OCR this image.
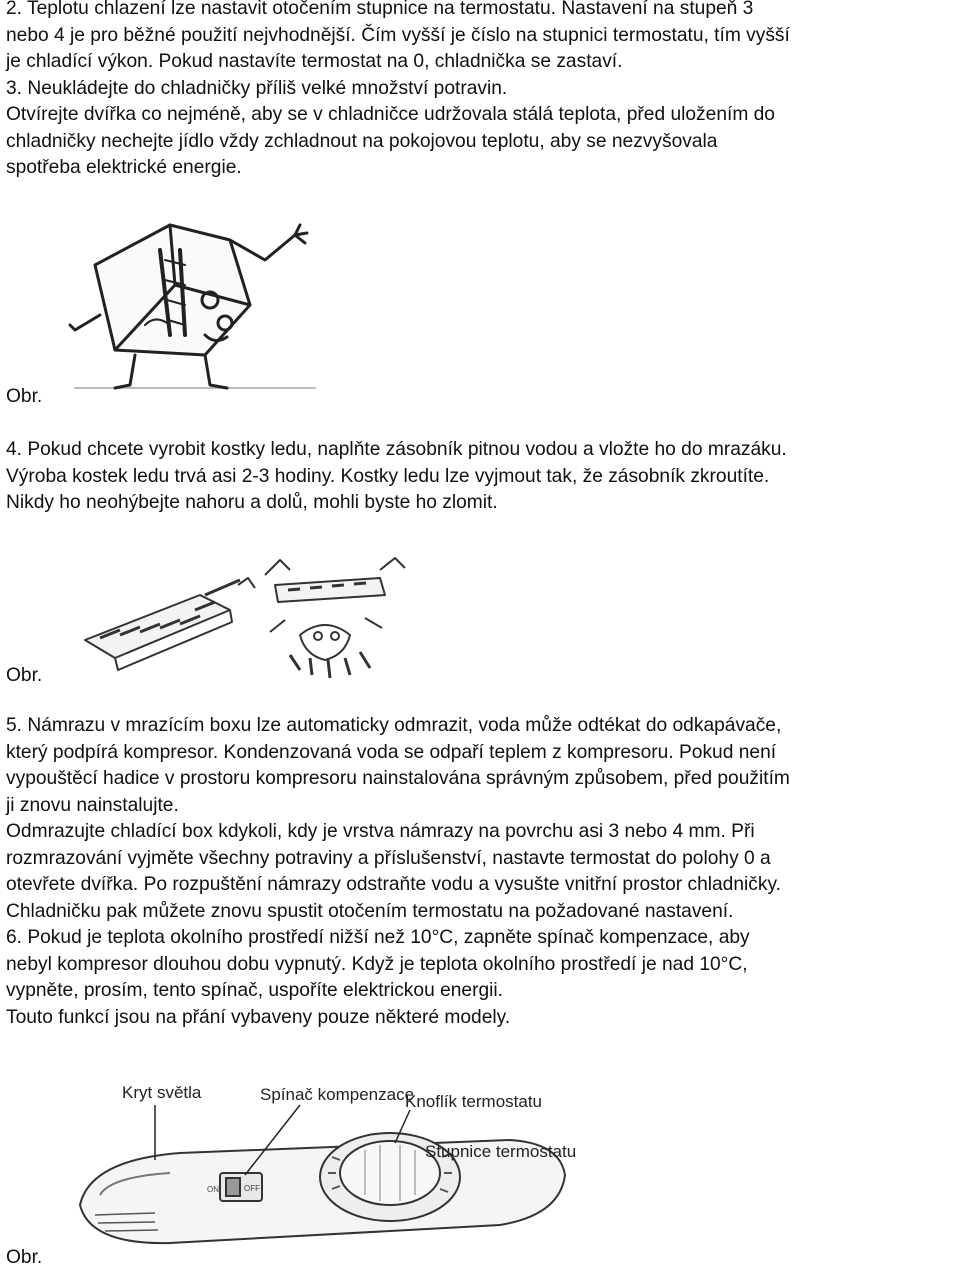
2. Teplotu chlazení lze nastavit otočením stupnice na termostatu. Nastavení na stupeň 3
nebo 4 je pro běžné použití nejvhodnější. Čím vyšší je číslo na stupnici termostatu, tím vyšší
je chladící výkon. Pokud nastavíte termostat na 0, chladnička se zastaví.
3. Neukládejte do chladničky příliš velké množství potravin.
Otvírejte dvířka co nejméně, aby se v chladničce udržovala stálá teplota, před uložením do
chladničky nechejte jídlo vždy zchladnout na pokojovou teplotu, aby se nezvyšovala
spotřeba elektrické energie.
Obr.
4. Pokud chcete vyrobit kostky ledu, naplňte zásobník pitnou vodou a vložte ho do mrazáku.
Výroba kostek ledu trvá asi 2-3 hodiny. Kostky ledu lze vyjmout tak, že zásobník zkroutíte.
Nikdy ho neohýbejte nahoru a dolů, mohli byste ho zlomit.
Obr.
5. Námrazu v mrazícím boxu lze automaticky odmrazit, voda může odtékat do odkapávače,
který podpírá kompresor. Kondenzovaná voda se odpaří teplem z kompresoru. Pokud není
vypouštěcí hadice v prostoru kompresoru nainstalována správným způsobem, před použitím
ji znovu nainstalujte.
Odmrazujte chladící box kdykoli, kdy je vrstva námrazy na povrchu asi 3 nebo 4 mm. Při
rozmrazování vyjměte všechny potraviny a příslušenství, nastavte termostat do polohy 0 a
otevřete dvířka. Po rozpuštění námrazy odstraňte vodu a vysušte vnitřní prostor chladničky.
Chladničku pak můžete znovu spustit otočením termostatu na požadované nastavení.
6. Pokud je teplota okolního prostředí nižší než 10°C, zapněte spínač kompenzace, aby
nebyl kompresor dlouhou dobu vypnutý. Když je teplota okolního prostředí je nad 10°C,
vypněte, prosím, tento spínač, uspoříte elektrickou energii.
Touto funkcí jsou na přání vybaveny pouze některé modely.
Kryt světla	Spínač kompenzace
Knoflík termostatu
Stupnice termostatu
ON	OFF
Obr.
